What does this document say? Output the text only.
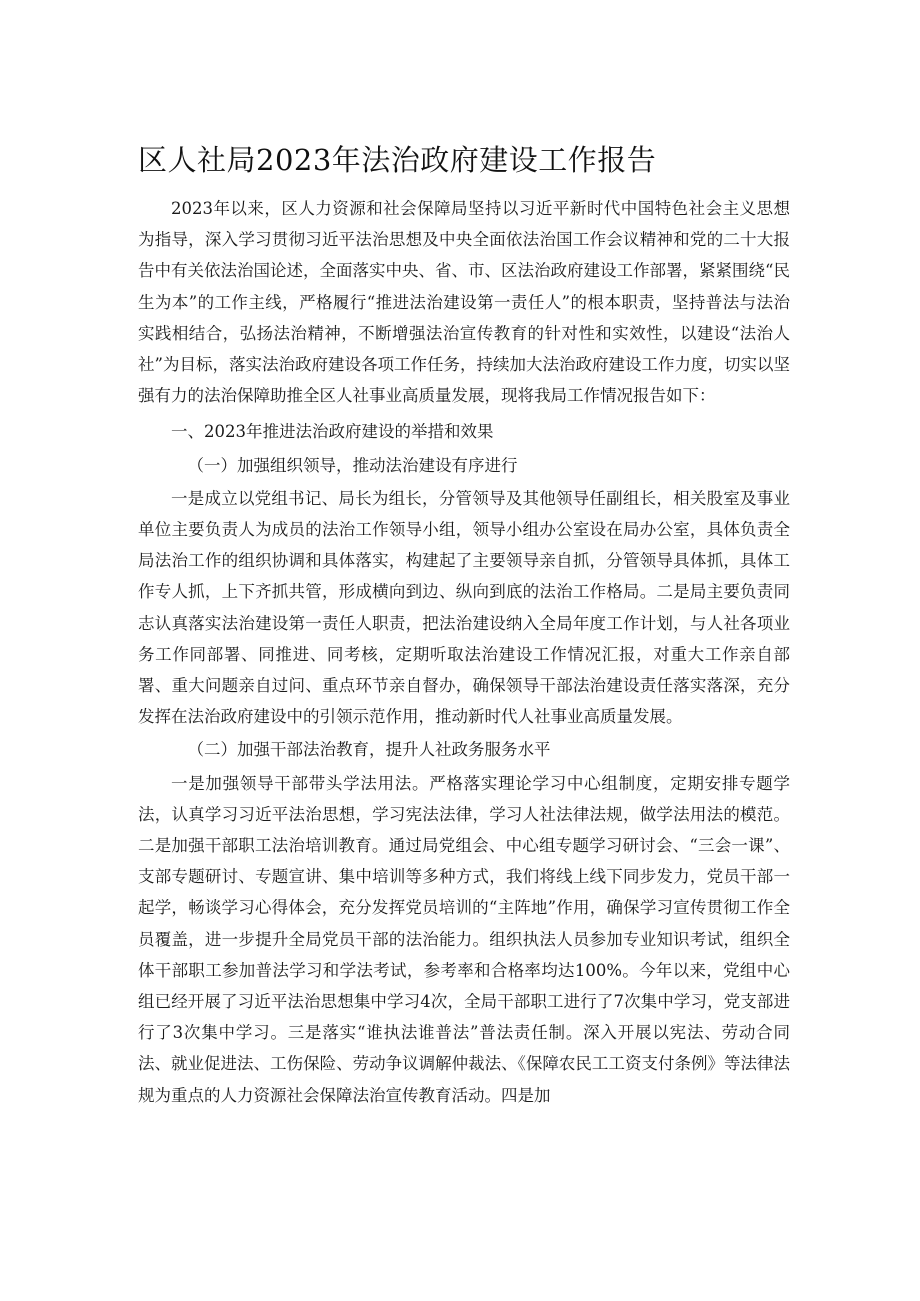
区人社局2023年法治政府建设工作报告

2023年以来，区人力资源和社会保障局坚持以习近平新时代中国特色社会主义思想为指导，深入学习贯彻习近平法治思想及中央全面依法治国工作会议精神和党的二十大报告中有关依法治国论述，全面落实中央、省、市、区法治政府建设工作部署，紧紧围绕“民生为本”的工作主线，严格履行“推进法治建设第一责任人”的根本职责，坚持普法与法治实践相结合，弘扬法治精神，不断增强法治宣传教育的针对性和实效性，以建设“法治人社”为目标，落实法治政府建设各项工作任务，持续加大法治政府建设工作力度，切实以坚强有力的法治保障助推全区人社事业高质量发展，现将我局工作情况报告如下：

一、2023年推进法治政府建设的举措和效果

（一）加强组织领导，推动法治建设有序进行

一是成立以党组书记、局长为组长，分管领导及其他领导任副组长，相关股室及事业单位主要负责人为成员的法治工作领导小组，领导小组办公室设在局办公室，具体负责全局法治工作的组织协调和具体落实，构建起了主要领导亲自抓，分管领导具体抓，具体工作专人抓，上下齐抓共管，形成横向到边、纵向到底的法治工作格局。二是局主要负责同志认真落实法治建设第一责任人职责，把法治建设纳入全局年度工作计划，与人社各项业务工作同部署、同推进、同考核，定期听取法治建设工作情况汇报，对重大工作亲自部署、重大问题亲自过问、重点环节亲自督办，确保领导干部法治建设责任落实落深，充分发挥在法治政府建设中的引领示范作用，推动新时代人社事业高质量发展。

（二）加强干部法治教育，提升人社政务服务水平

一是加强领导干部带头学法用法。严格落实理论学习中心组制度，定期安排专题学法，认真学习习近平法治思想，学习宪法法律，学习人社法律法规，做学法用法的模范。二是加强干部职工法治培训教育。通过局党组会、中心组专题学习研讨会、“三会一课”、支部专题研讨、专题宣讲、集中培训等多种方式，我们将线上线下同步发力，党员干部一起学，畅谈学习心得体会，充分发挥党员培训的“主阵地”作用，确保学习宣传贯彻工作全员覆盖，进一步提升全局党员干部的法治能力。组织执法人员参加专业知识考试，组织全体干部职工参加普法学习和学法考试，参考率和合格率均达100%。今年以来，党组中心组已经开展了习近平法治思想集中学习4次，全局干部职工进行了7次集中学习，党支部进行了3次集中学习。三是落实“谁执法谁普法”普法责任制。深入开展以宪法、劳动合同法、就业促进法、工伤保险、劳动争议调解仲裁法、《保障农民工工资支付条例》等法律法规为重点的人力资源社会保障法治宣传教育活动。四是加
